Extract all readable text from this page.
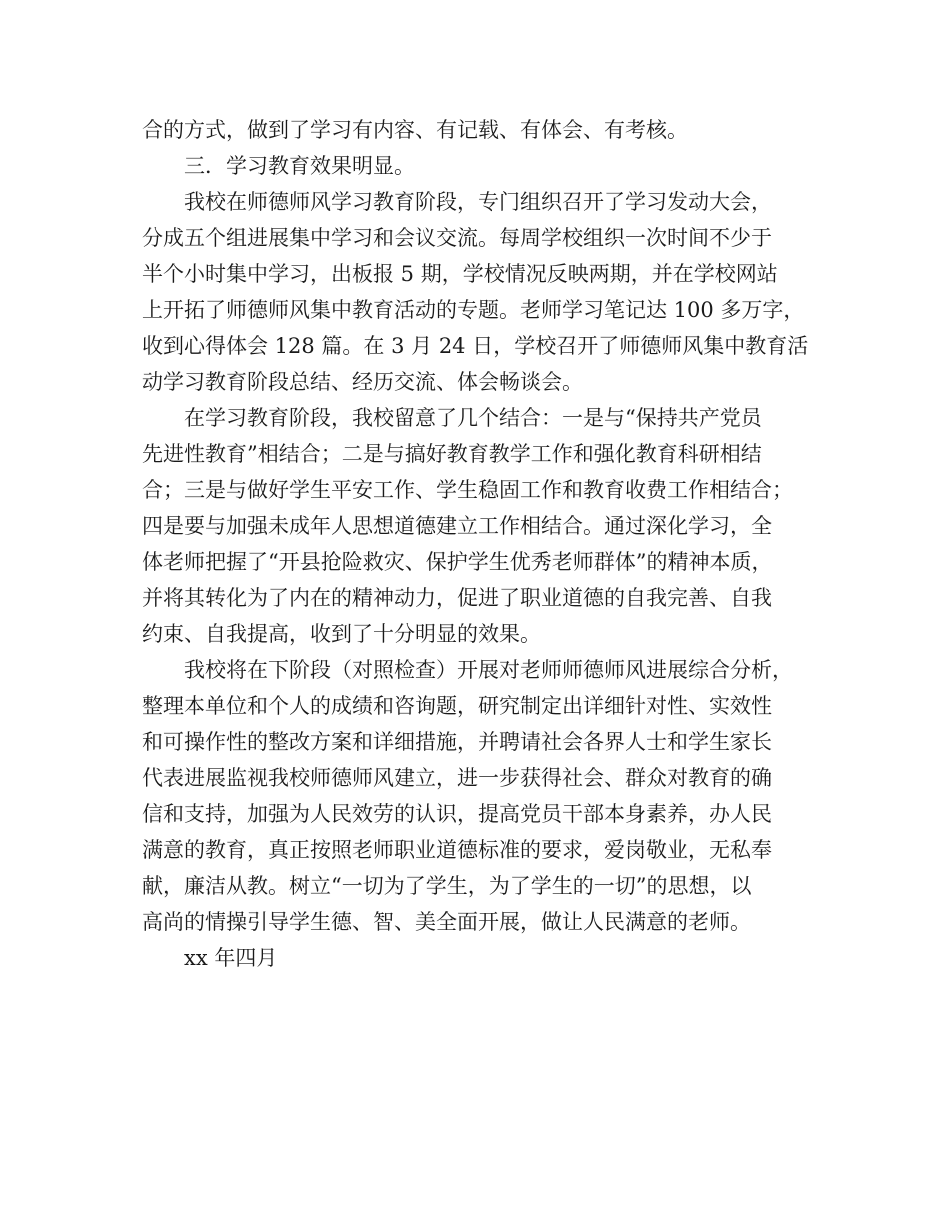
合的方式，做到了学习有内容、有记载、有体会、有考核。
三．学习教育效果明显。
我校在师德师风学习教育阶段，专门组织召开了学习发动大会，
分成五个组进展集中学习和会议交流。每周学校组织一次时间不少于
半个小时集中学习，出板报 5 期，学校情况反映两期，并在学校网站
上开拓了师德师风集中教育活动的专题。老师学习笔记达 100 多万字，
收到心得体会 128 篇。在 3 月 24 日，学校召开了师德师风集中教育活
动学习教育阶段总结、经历交流、体会畅谈会。
在学习教育阶段，我校留意了几个结合：一是与“保持共产党员
先进性教育”相结合；二是与搞好教育教学工作和强化教育科研相结
合；三是与做好学生平安工作、学生稳固工作和教育收费工作相结合；
四是要与加强未成年人思想道德建立工作相结合。通过深化学习，全
体老师把握了“开县抢险救灾、保护学生优秀老师群体”的精神本质，
并将其转化为了内在的精神动力，促进了职业道德的自我完善、自我
约束、自我提高，收到了十分明显的效果。
我校将在下阶段（对照检查）开展对老师师德师风进展综合分析，
整理本单位和个人的成绩和咨询题，研究制定出详细针对性、实效性
和可操作性的整改方案和详细措施，并聘请社会各界人士和学生家长
代表进展监视我校师德师风建立，进一步获得社会、群众对教育的确
信和支持，加强为人民效劳的认识，提高党员干部本身素养，办人民
满意的教育，真正按照老师职业道德标准的要求，爱岗敬业，无私奉
献，廉洁从教。树立“一切为了学生，为了学生的一切”的思想，以
高尚的情操引导学生德、智、美全面开展，做让人民满意的老师。
xx 年四月
